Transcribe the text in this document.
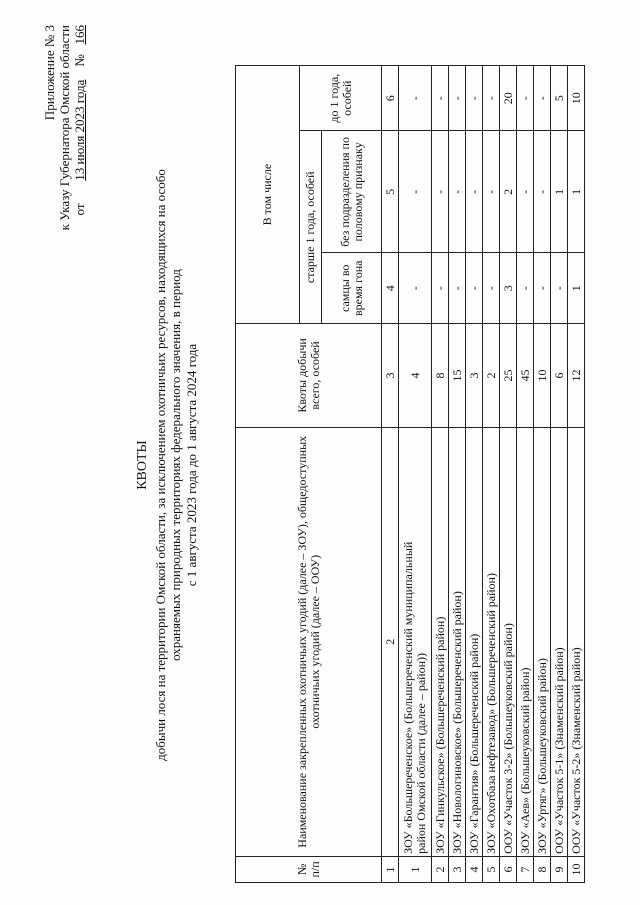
Приложение № 3 к Указу Губернатора Омской области от       13 июля 2023 года    №   166
КВОТЫ добычи лося на территории Омской области, за исключением охотничьих ресурсов, находящихся на особо охраняемых природных территориях федерального значения, в период с 1 августа 2023 года до 1 августа 2024 года
№ п/п	Наименование закрепленных охотничьих угодий (далее – ЗОУ), общедоступных охотничьих угодий (далее – ООУ)	Квоты добычи всего, особей	В том числе		
			старше 1 года, особей		до 1 года, особей
			самцы во время гона	без подразделения по половому признаку	
1	2	3	4	5	6
1	ЗОУ «Большереченское» (Большереченский муниципальный район Омской области (далее – район))	4	-	-	-
2	ЗОУ «Гинкульское» (Большереченский район)	8	-	-	-
3	ЗОУ «Новологиновское» (Большереченский район)	15	-	-	-
4	ЗОУ «Гарантия» (Большереченский район)	3	-	-	-
5	ЗОУ «Охотбаза нефтезавод» (Большереченский район)	2	-	-	-
6	ООУ «Участок 3-2» (Большеуковский район)	25	3	2	20
7	ЗОУ «Аев» (Большеуковский район)	45	-	-	-
8	ЗОУ «Уртяг» (Большеуковский район)	10	-	-	-
9	ООУ «Участок 5-1» (Знаменский район)	6	-	1	5
10	ООУ «Участок 5-2» (Знаменский район)	12	1	1	10
